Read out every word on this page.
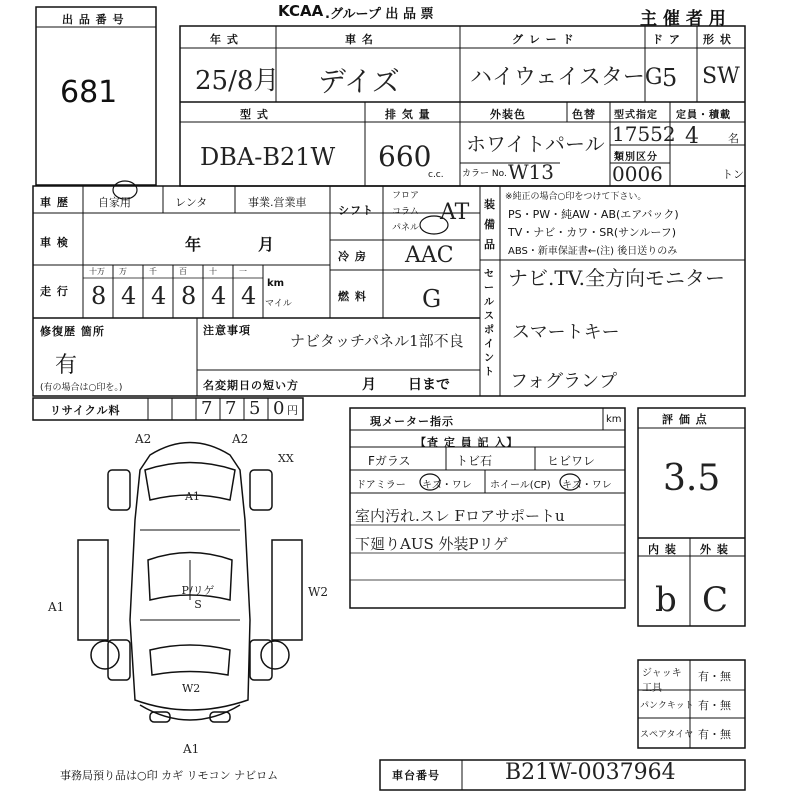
出 品 番 号
681
KCAA .グループ 出 品 票	主 催 者 用
年 式
25/8月
車 名
デイズ
グ レ ー ド
ハイウェイスターG
ド ア
5
形 状
SW
型 式
DBA-B21W
排 気 量
660
c.c.
外装色	色替
ホワイトパール
カラー No. W13
型式指定
17552
類別区分
0006
定員・積載
4	名
トン
車 歴	自家用	レンタ	事業.営業車
車 検	年	月
走 行
十万 万	千	百	十	一
8 4 4 8 4 4 km
マイル
シフト
フロア
コラム
パネル
AT
冷 房 AAC
燃 料 G
装備品
※純正の場合○印をつけて下さい。
PS・PW・純AW・AB(エアバック)
TV・ナビ・カワ・SR(サンルーフ)
ABS・新車保証書←(注) 後日送りのみ
セールスポイント
ナビ.TV.全方向モニター
スマートキー
フォグランプ
修復歴 箇所
有
(有の場合は○印を。)
注意事項
ナビタッチパネル1部不良
名変期日の短い方	月 日まで
リサイクル料	7 7 5 0 円
現メーター指示	km
【査 定 員 記 入】
Fガラス	トビ石	ヒビワレ
ドアミラー キズ・ワレ ホイール(CP) キズ・ワレ
室内汚れ.スレ Fロアサポートu
下廻りAUS 外装Pリゲ
評 価 点
3.5
内 装 外 装
b C
ジャッキ工具
有・無
パンクキット 有・無
スペアタイヤ 有・無
事務局預り品は○印 カギ リモコン ナビロム	車台番号	B21W-0037964
A2	A2
XX
A1
P/リゲ S
W2
A1
W2
A1
